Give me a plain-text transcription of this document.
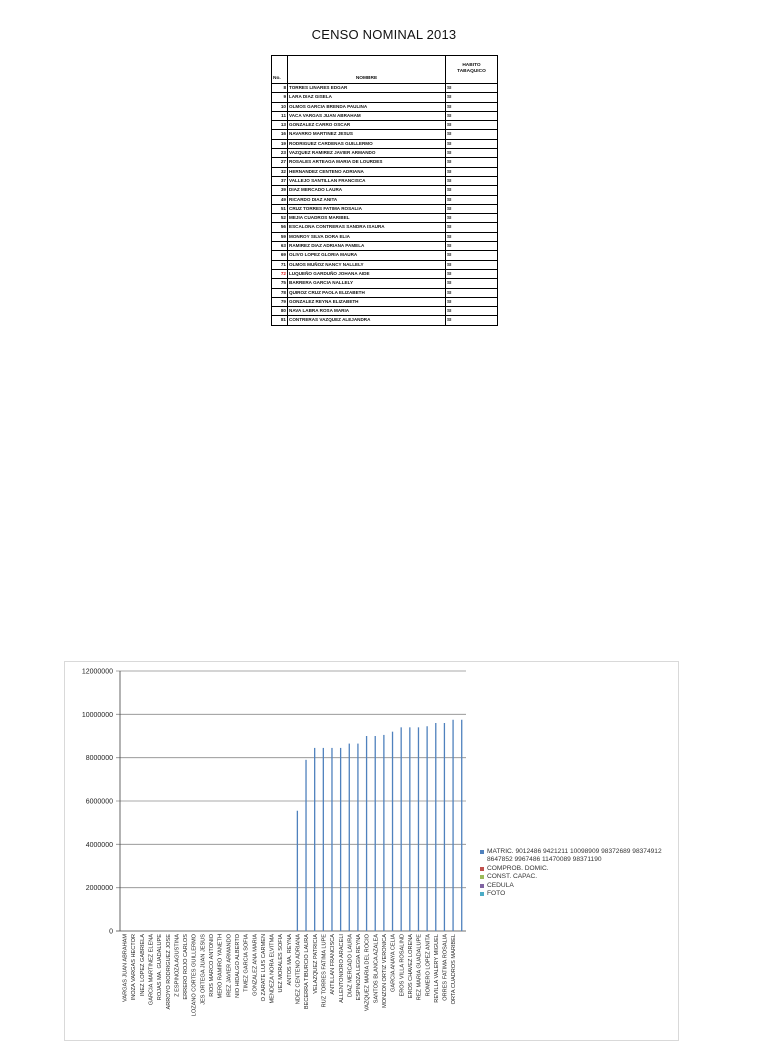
CENSO NOMINAL 2013
No.	NOMBRE	HABITO
TABAQUICO

8	TORRES LINARES EDGAR	SI
9	LARA DIAZ GISELA	SI
10	OLMOS GARCIA BRENDA PAULINA	SI
11	VACA VARGAS JUAN ABRAHAM	SI
13	GONZALEZ CARRO OSCAR	SI
16	NAVARRO MARTINEZ JESUS	SI
19	RODRIGUEZ CARDENAS GUILLERMO	SI
23	VAZQUEZ RAMIREZ JAVIER ARMANDO	SI
27	ROSALES ARTEAGA MARIA DE LOURDES	SI
32	HERNANDEZ CENTENO ADRIANA	SI
37	VALLEJO SANTILLAN FRANCISCA	SI
39	DIAZ MERCADO LAURA	SI
49	RICARDO DIAZ ANITA	SI
51	CRUZ TORRES FATIMA ROSALIA	SI
52	MEJIA CUADROS MARIBEL	SI
56	ESCALONA CONTRERAS SANDRA ISAURA	SI
59	MONROY SILVA DORA ELIA	SI
63	RAMIREZ DIAZ ADRIANA PAMELA	SI
69	OLIVO LOPEZ GLORIA MAURA	SI
71	OLMOS MUÑOZ NANCY NALLELY	SI
72	LUQUEÑO GARDUÑO JOHANA AIDE	SI
75	BARRERA GARCIA NALLELY	SI
78	QUIROZ CRUZ PAOLA ELIZABETH	SI
79	GONZALEZ REYNA ELIZABETH	SI
80	NAVA LABRA ROSA MARIA	SI
81	CONTRERAS VAZQUEZ ALEJANDRA	SI
12000000
10000000
8000000
6000000
4000000
2000000
0
VARGAS JUAN ABRAHAM INOZA VARGAS HECTOR INEZ LOPEZ GABRIELA GARCIA MARTINEZ ELENA ROJAS MA. GUADALUPE ARROYO RODRIGUEZ JOSE Z ESPINOZA AGUSTINA ERRERO ROJO CARLOS LOZANO CORTES GUILLERMO JES ORTEGA JUAN JESUS RIOS MARCO ANTONIO MERO RAMIRO YANETH IREZ JAVIER ARMANDO NIO HIDALGO ALBERTO TIMEZ GARCIA SOFIA GONZALEZ ANA MARIA O ZARATE LUIS CARMEN MENDEZA NORA ELVITMA UEZ MORALES SOFIA ANTOS MA. REYNA NDEZ CENTENO ADRIANA BECERRA TIBURCIO LAURA VELAZQUEZ PATRICIA RUZ TORRES FATIMA LUPE ANTILLAN FRANCISCA ALLENTONIORO ARACELI DIAZ MERCADO LAURA ESPINOZA LEGIA REYNA VAZQUEZ MARIA DEL ROCIO SANTOS BLANCA AZALEA MONZON ORTIZ VERONICA GARCIA ANAYA CELIA EROS VILLA ROSALIND EROS CHAVEZ LORENA REZ MARIA GUADALUPE ROMERO LOPEZ ANITA REVILLA VALERY MIGUEL ORRES FATIMA ROSALIA ORTA CUADROS MARIBEL
MATRIC. 9012486 9421211 10098909 98372689 98374912 8647852 9967486 11470089 98371190
COMPROB. DOMIC.
CONST. CAPAC.
CEDULA
FOTO
